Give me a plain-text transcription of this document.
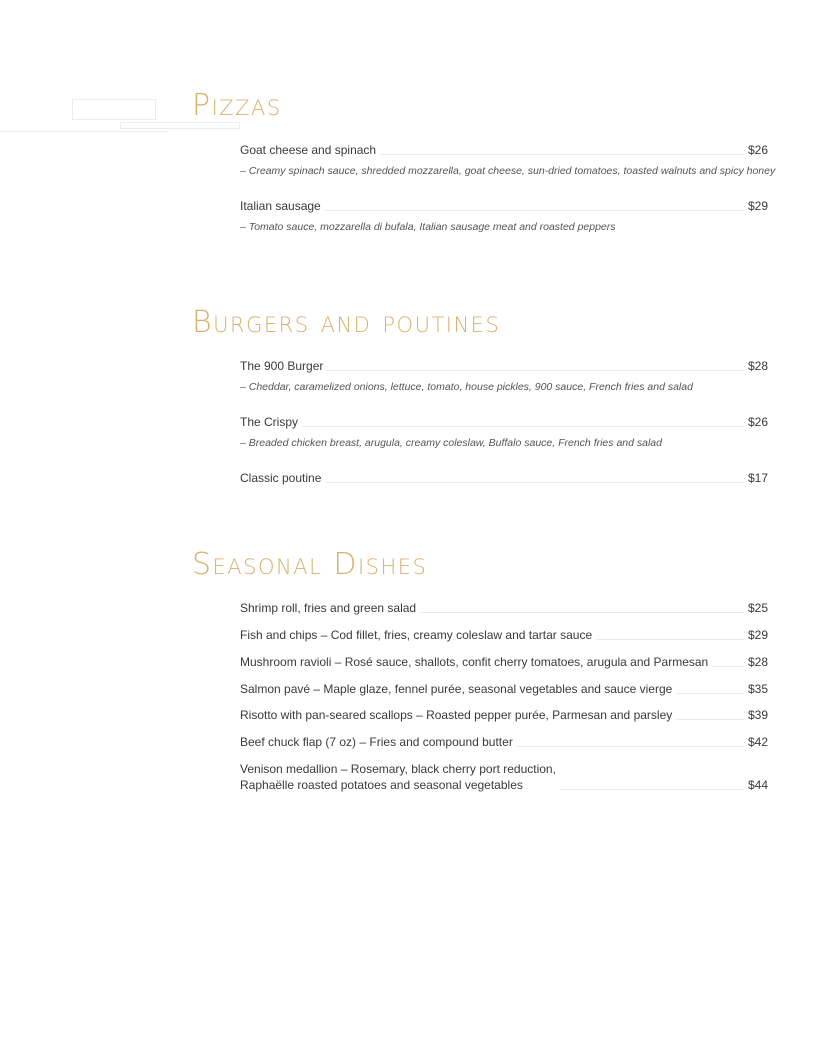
Pizzas
Goat cheese and spinach	$26
– Creamy spinach sauce, shredded mozzarella, goat cheese, sun-dried tomatoes, toasted walnuts and spicy honey
Italian sausage	$29
– Tomato sauce, mozzarella di bufala, Italian sausage meat and roasted peppers
Burgers and poutines
The 900 Burger	$28
– Cheddar, caramelized onions, lettuce, tomato, house pickles, 900 sauce, French fries and salad
The Crispy	$26
– Breaded chicken breast, arugula, creamy coleslaw, Buffalo sauce, French fries and salad
Classic poutine	$17
Seasonal Dishes
Shrimp roll, fries and green salad	$25
Fish and chips – Cod fillet, fries, creamy coleslaw and tartar sauce	$29
Mushroom ravioli – Rosé sauce, shallots, confit cherry tomatoes, arugula and Parmesan	$28
Salmon pavé – Maple glaze, fennel purée, seasonal vegetables and sauce vierge	$35
Risotto with pan-seared scallops – Roasted pepper purée, Parmesan and parsley	$39
Beef chuck flap (7 oz) – Fries and compound butter	$42
Venison medallion – Rosemary, black cherry port reduction,
Raphaëlle roasted potatoes and seasonal vegetables	$44
